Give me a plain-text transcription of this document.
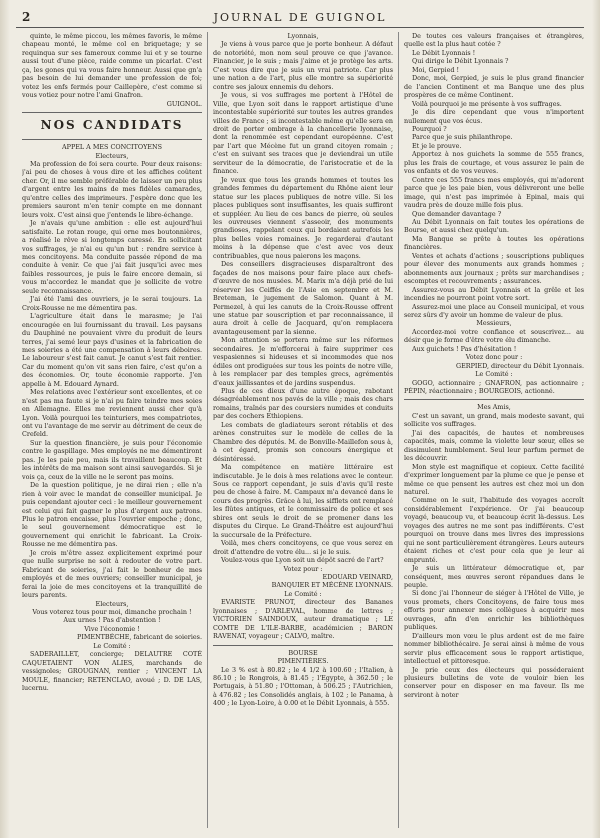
2	JOURNAL DE GUIGNOL
quinte, le même piccou, les mêmes favoris, le même chapeau monté, le même col en briquetage; y se requinqua sur ses fameroux comme lui et y se tourne aussi tout d'une pièce, raide comme un picarlat. C'est ça, les gones qui va vous faire honneur. Aussi que gn'a pas besoin de lui demander une profession de foi; votez les enfs fermés pour Caillepère, c'est comme si vous votiez pour notre l'ami Gnafron.
GUIGNOL.
NOS CANDIDATS
APPEL A MES CONCITOYENS
Electeurs,
Ma profession de foi sera courte. Pour deux raisons: j'ai peu de choses à vous dire et les affiches coûtent cher. Or, il me semble préférable de laisser un peu plus d'argent entre les mains de mes fidèles camarades, qu'entre celles des imprimeurs. J'espère donc que les premiers sauront m'en tenir compte en me donnant leurs voix. C'est ainsi que j'entends le libre-échange.
Je n'avais qu'une ambition : elle est aujourd'hui satisfaite. Le rotan rouge, qui orne mes boutonnières, a réalisé le rêve si longtemps caressé. En sollicitant vos suffrages, je n'ai eu qu'un but : rendre service à mes concitoyens. Ma conduite passée répond de ma conduite à venir. Ce que j'ai fait jusqu'ici avec mes faibles ressources, je puis le faire encore demain, si vous m'accordez le mandat que je sollicite de votre seule reconnaissance.
J'ai été l'ami des ouvriers, je le serai toujours. La Croix-Rousse ne me démentira pas.
L'agriculture était dans le marasme; je l'ai encouragée en lui fournissant du travail. Les paysans du Dauphiné ne pouvaient vivre du produit de leurs terres, j'ai semé leur pays d'usines et la fabrication de mes soieries a été une compensation à leurs déboires. Le laboureur s'est fait canut. Je canut s'est fait rentier. Car du moment qu'on vit sans rien faire, c'est qu'on a des économies. Or, toute économie rapporte. J'en appelle à M. Edouard Aynard.
Mes relations avec l'extérieur sont excellentes, et ce n'est pas ma faute si je n'ai pu faire teindre mes soies en Allemagne. Elles me reviennent aussi cher qu'à Lyon. Voilà pourquoi les teinturiers, mes compatriotes, ont vu l'avantage de me servir au détriment de ceux de Crefeld.
Sur la question financière, je suis pour l'économie contre le gaspillage. Mes employés ne me démentiront pas. Je les paie peu, mais ils travaillent beaucoup. Et les intérêts de ma maison sont ainsi sauvegardés. Si je vois ça, ceux de la ville ne le seront pas moins.
De la question politique, je ne dirai rien ; elle n'a rien à voir avec le mandat de conseiller municipal. Je puis cependant ajouter ceci : le meilleur gouvernement est celui qui fait gagner le plus d'argent aux patrons. Plus le patron encaisse, plus l'ouvrier empoche ; donc, le seul gouvernement démocratique est le gouvernement qui enrichit le fabricant. La Croix-Rousse ne me démentira pas.
Je crois m'être assez explicitement exprimé pour que nulle surprise ne soit à redouter de votre part. Fabricant de soieries, j'ai fait le bonheur de mes employés et de mes ouvriers; conseiller municipal, je ferai la joie de mes concitoyens et la tranquillité de leurs parents.
Electeurs,
Vous voterez tous pour moi, dimanche prochain !
Aux urnes ! Pas d'abstention !
Vive l'économie !
PIMENTBÉCHE, fabricant de soieries.
Le Comité :
SADERAILLET, concierge; DELAUTRE COTÉ CAQUETAIENT VON ALIES, marchands de vessignoles; GROUGNAN, rentier ; VINCENT LA MOULE, financier; RETENCLAO, avoué ; D. DE LAS, lucernu.
Lyonnais,
Je viens à vous parce que je porte bonheur. A défaut de notoriété, mon nom seul prouve ce que j'avance. Financier, je le suis ; mais j'aime et je protège les arts. C'est vous dire que je suis un vrai patriote. Car plus une nation a de l'art, plus elle montre sa supériorité contre ses jaloux ennemis du dehors.
Je vous, si vos suffrages me portent à l'Hôtel de Ville, que Lyon soit dans le rapport artistique d'une incontestable supériorité sur toutes les autres grandes villes de France ; si incontestable même qu'elle sera en droit de porter ombrage à la chancellerie lyonnaise, dont la renommée est cependant européenne. C'est par l'art que Mécène fut un grand citoyen romain ; c'est en suivant ses traces que je deviendrai un utile serviteur de la démocratie, de l'aristocratie et de la finance.
Je veux que tous les grands hommes et toutes les grandes femmes du département du Rhône aient leur statue sur les places publiques de notre ville. Si les places publiques sont insuffisantes, les quais suffiront et suppléer. Au lieu de ces bancs de pierre, où seules les ouvreuses viennent s'asseoir, des monuments grandioses, rappelant ceux qui bordaient autrefois les plus belles voies romaines. Je regarderai d'autant moins à la dépense que c'est avec vos deux contribuables, que nous paierons les maçons.
Des conseillers disgracieuses disparaîtront des façades de nos maisons pour faire place aux chefs-d'œuvre de nos musées. M. Marix m'a déjà prié de lui réserver les Ceiffés de l'Asie en septembre et M. Breteman, le jugement de Salomon. Quant à M. Permezel, à qui les canuts de la Croix-Rousse offrent une statue par souscription et par reconnaissance, il aura droit à celle de Jacquard, qu'on remplacera avantageusement par la sienne.
Mon attention se portera même sur les réformes secondaires. Je m'efforcerai à faire supprimer ces vespasiennes si hideuses et si incommodes que nos édiles ont prodiguées sur tous les points de notre ville, à les remplacer par des temples grecs, agrémentés d'eaux jaillissantes et de jardins suspendus.
Plus de ces dieux d'une autre époque, rabotant désagréablement nos pavés de la ville ; mais des chars romains, traînés par des coursiers numides et conduits par des cochers Ethiopiens.
Les combats de gladiateurs seront rétablis et des arènes construites sur le modèle de celles de la Chambre des députés. M. de Bonville-Maillefon sous à, à cet égard, promis son concours énergique et désintéressé.
Ma compétence en matière littéraire est indiscutable. Je le dois à mes relations avec le conteur. Sous ce rapport cependant, je suis d'avis qu'il reste peu de chose à faire. M. Campaux m'a devancé dans le cours des progrès. Grâce à lui, les sifflets ont remplacé les flûtes antiques, et le commissaire de police et ses sbires ont seuls le droit de se promener dans les disputes du Cirque. Le Grand-Théâtre est aujourd'hui la succursale de la Préfecture.
Voilà, mes chers concitoyens, ce que vous serez en droit d'attendre de votre élu... si je le suis.
Voulez-vous que Lyon soit un dépôt sacré de l'art?
Votez pour :
EDOUARD VEINARD,
BANQUIER ET MÉCÈNE LYONNAIS.
Le Comité :
EVARISTE PRUNOT, directeur des Bananes lyonnaises ; D'ARLEVAL, homme de lettres ; VICTORIEN SAINDOUX, auteur dramatique ; LE COMTE DE L'ILE-BARBE, académicien ; BARON RAVENAT, voyageur ; CALVO, maître.
BOURSE
PIMENTIÈRES.
Le 3 % est à 80.82 ; le 4 1/2 à 100.60 ; l'Italien, à 86.10 ; le Rongrois, à 81.45 ; l'Egypte, à 362.50 ; le Portugais, à 51.80 ; l'Ottoman, à 506.25 ; l'Autrichien, à 476.82 ; les Consolidés anglais, à 102 ; le Panama, à 400 ; le Lyon-Loire, à 0.00 et le Débit Lyonnais, à 555.
De toutes ces valeurs françaises et étrangères, quelle est la plus haut cotée ?
Le Débit Lyonnais !
Qui dirige le Débit Lyonnais ?
Moi, Gerpied !
Donc, moi, Gerpied, je suis le plus grand financier de l'ancien Continent et ma Banque une des plus prospères de ce même Continent.
Voilà pourquoi je me présente à vos suffrages.
Je dis dire cependant que vous n'importent nullement que vos écus.
Pourquoi ?
Parce que je suis philanthrope.
Et je le prouve.
Apportez à nos guichets la somme de 555 francs, plus les frais de courtage, et vous assurez le pain de vos enfants et de vos veuves.
Contre ces 555 francs mes employés, qui m'adorent parce que je les paie bien, vous délivreront une belle image, qui n'est pas imprimée à Epinal, mais qui vaudra près de douze mille fois plus.
Que demander davantage ?
Au Débit Lyonnais on fait toutes les opérations de Bourse, et aussi chez quelqu'un.
Ma Banque se prête à toutes les opérations financières.
Ventes et achats d'actions ; souscriptions publiques pour élever des monuments aux grands hommes ; abonnements aux journaux ; prêts sur marchandises ; escomptes et recouvrements ; assurances.
Assurez-vous au Débit Lyonnais et la grêle et les incendies ne pourront point votre sort.
Assurez-moi une place au Conseil municipal, et vous serez sûrs d'y avoir un homme de valeur de plus.
Messieurs,
Accordez-moi votre confiance et souscrivez... au désir que je forme d'être votre élu dimanche.
Aux guichets ! Pas d'hésitation !
Votez donc pour :
GERPIED, directeur du Débit Lyonnais.
Le Comité :
GOGO, actionnaire ; GNAFRON, pas actionnaire ; PÉPIN, réactionnaire ; BOURGEOIS, actionné.
Mes Amis,
C'est un savant, un grand, mais modeste savant, qui sollicite vos suffrages.
J'ai des capacités, de hautes et nombreuses capacités, mais, comme la violette leur sœur, elles se dissimulent humblement. Seul leur parfum permet de les découvrir.
Mon style est magnifique et copieux. Cette facilité d'exprimer longuement par la plume ce que je pense et même ce que pensent les autres est chez moi un don naturel.
Comme on le suit, l'habitude des voyages accroît considérablement l'expérience. Or j'ai beaucoup voyagé, beaucoup vu, et beaucoup écrit là-dessus. Les voyages des autres ne me sont pas indifférents. C'est pourquoi on trouve dans mes livres des impressions qui ne sont particulièrement étrangères. Leurs auteurs étaient riches et c'est pour cela que je leur ai emprunté.
Je suis un littérateur démocratique et, par conséquent, mes œuvres seront répandues dans le peuple.
Si donc j'ai l'honneur de siéger à l'Hôtel de Ville, je vous promets, chers Concitoyens, de faire tous mes efforts pour annexer mes collègues à acquérir mes ouvrages, afin d'en enrichir les bibliothèques publiques.
D'ailleurs mon vœu le plus ardent est de me faire nommer bibliothécaire. Je serai ainsi à même de vous servir plus efficacement sous le rapport artistique, intellectuel et pittoresque.
Je prie ceux des électeurs qui posséderaient plusieurs bulletins de vote de vouloir bien les conserver pour en disposer en ma faveur. Ils me serviront à noter
